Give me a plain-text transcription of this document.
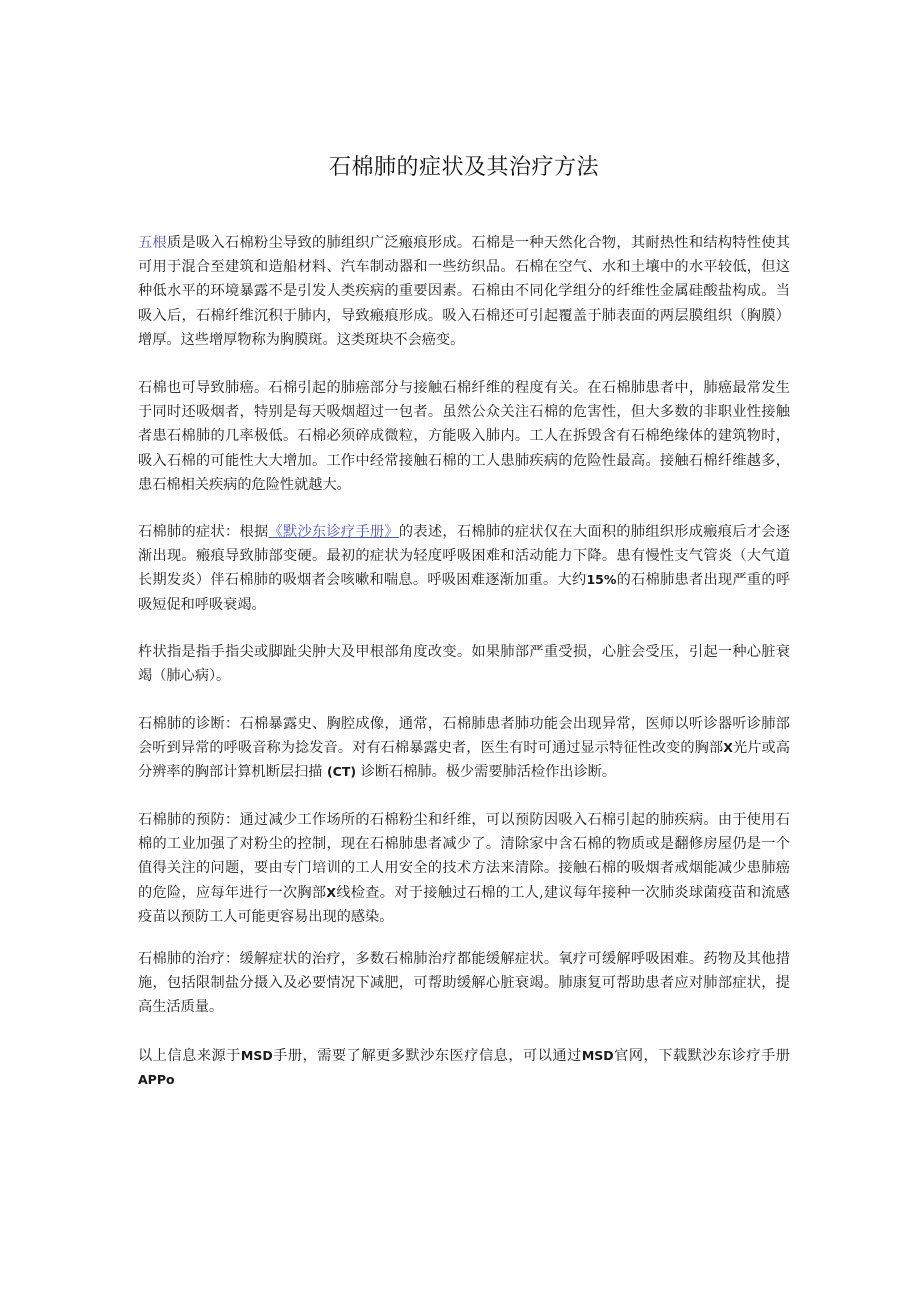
石棉肺的症状及其治疗方法

五根质是吸入石棉粉尘导致的肺组织广泛瘢痕形成。石棉是一种天然化合物，其耐热性和结构特性使其可用于混合至建筑和造船材料、汽车制动器和一些纺织品。石棉在空气、水和土壤中的水平较低，但这种低水平的环境暴露不是引发人类疾病的重要因素。石棉由不同化学组分的纤维性金属硅酸盐构成。当吸入后，石棉纤维沉积于肺内，导致瘢痕形成。吸入石棉还可引起覆盖于肺表面的两层膜组织（胸膜）增厚。这些增厚物称为胸膜斑。这类斑块不会癌变。

石棉也可导致肺癌。石棉引起的肺癌部分与接触石棉纤维的程度有关。在石棉肺患者中，肺癌最常发生于同时还吸烟者，特别是每天吸烟超过一包者。虽然公众关注石棉的危害性，但大多数的非职业性接触者患石棉肺的几率极低。石棉必须碎成微粒，方能吸入肺内。工人在拆毁含有石棉绝缘体的建筑物时，吸入石棉的可能性大大增加。工作中经常接触石棉的工人患肺疾病的危险性最高。接触石棉纤维越多，患石棉相关疾病的危险性就越大。

石棉肺的症状：根据《默沙东诊疗手册》的表述，石棉肺的症状仅在大面积的肺组织形成瘢痕后才会逐渐出现。瘢痕导致肺部变硬。最初的症状为轻度呼吸困难和活动能力下降。患有慢性支气管炎（大气道长期发炎）伴石棉肺的吸烟者会咳嗽和喘息。呼吸困难逐渐加重。大约15%的石棉肺患者出现严重的呼吸短促和呼吸衰竭。

杵状指是指手指尖或脚趾尖肿大及甲根部角度改变。如果肺部严重受损，心脏会受压，引起一种心脏衰竭（肺心病）。

石棉肺的诊断：石棉暴露史、胸腔成像，通常，石棉肺患者肺功能会出现异常，医师以听诊器听诊肺部会听到异常的呼吸音称为捻发音。对有石棉暴露史者，医生有时可通过显示特征性改变的胸部X光片或高分辨率的胸部计算机断层扫描 (CT) 诊断石棉肺。极少需要肺活检作出诊断。

石棉肺的预防：通过减少工作场所的石棉粉尘和纤维，可以预防因吸入石棉引起的肺疾病。由于使用石棉的工业加强了对粉尘的控制，现在石棉肺患者减少了。清除家中含石棉的物质或是翻修房屋仍是一个值得关注的问题，要由专门培训的工人用安全的技术方法来清除。接触石棉的吸烟者戒烟能减少患肺癌的危险，应每年进行一次胸部X线检查。对于接触过石棉的工人,建议每年接种一次肺炎球菌疫苗和流感疫苗以预防工人可能更容易出现的感染。

石棉肺的治疗：缓解症状的治疗，多数石棉肺治疗都能缓解症状。氧疗可缓解呼吸困难。药物及其他措施，包括限制盐分摄入及必要情况下减肥，可帮助缓解心脏衰竭。肺康复可帮助患者应对肺部症状，提高生活质量。

以上信息来源于MSD手册，需要了解更多默沙东医疗信息，可以通过MSD官网，下载默沙东诊疗手册 APPo
